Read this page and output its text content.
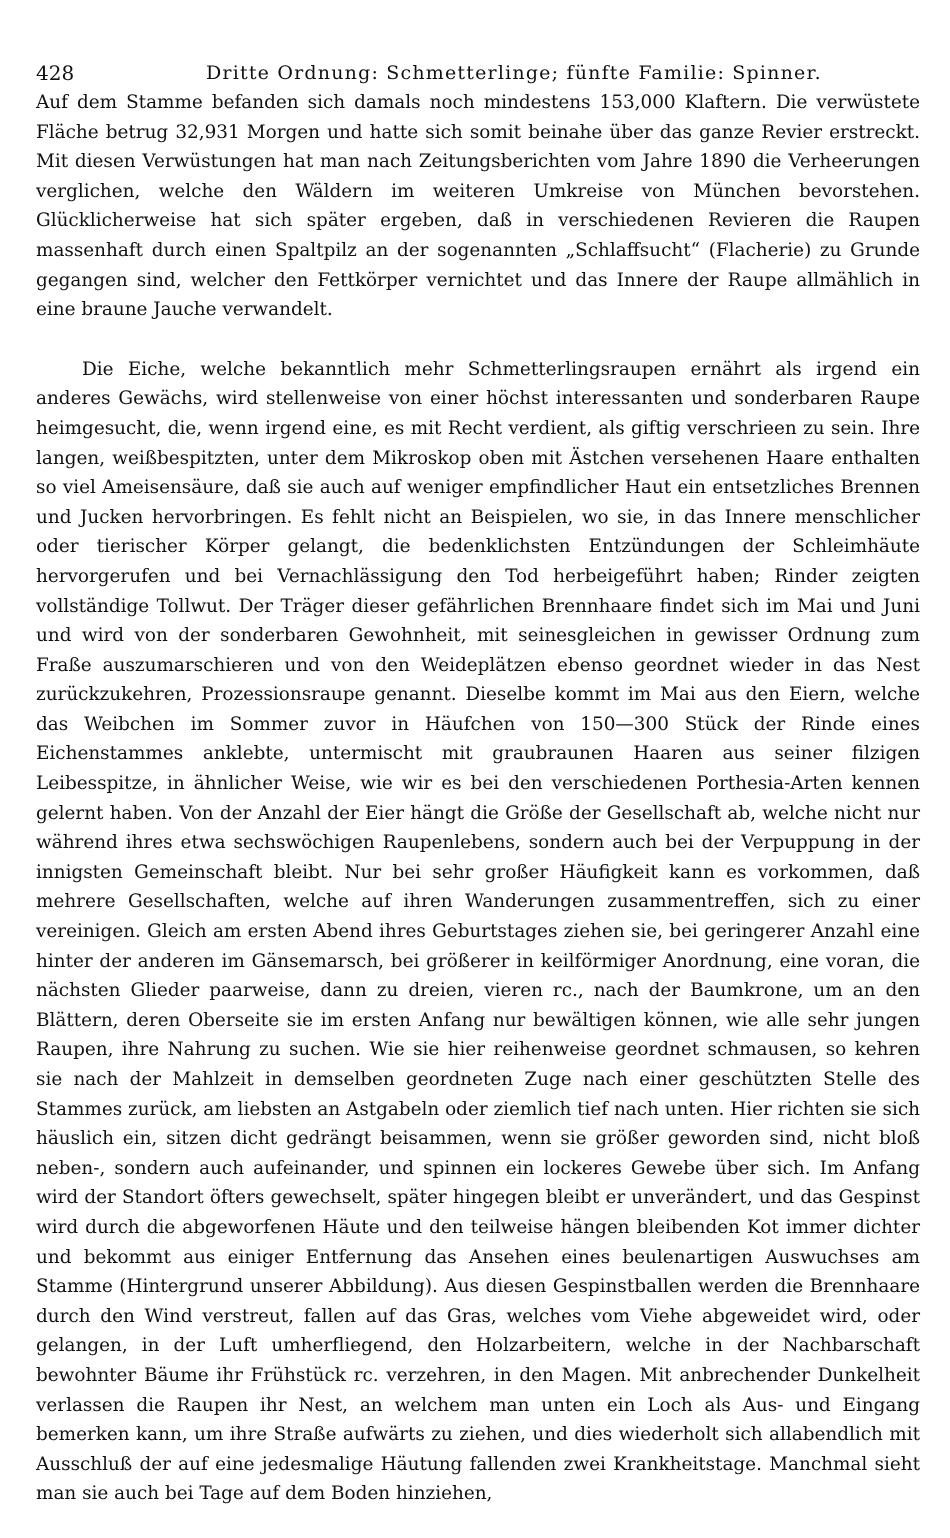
428	Dritte Ordnung: Schmetterlinge; fünfte Familie: Spinner.

Auf dem Stamme befanden sich damals noch mindestens 153,000 Klaftern. Die verwüstete Fläche betrug 32,931 Morgen und hatte sich somit beinahe über das ganze Revier erstreckt. Mit diesen Verwüstungen hat man nach Zeitungsberichten vom Jahre 1890 die Verheerungen verglichen, welche den Wäldern im weiteren Umkreise von München bevorstehen. Glücklicherweise hat sich später ergeben, daß in verschiedenen Revieren die Raupen massenhaft durch einen Spaltpilz an der sogenannten „Schlaffsucht“ (Flacherie) zu Grunde gegangen sind, welcher den Fettkörper vernichtet und das Innere der Raupe allmählich in eine braune Jauche verwandelt.

Die Eiche, welche bekanntlich mehr Schmetterlingsraupen ernährt als irgend ein anderes Gewächs, wird stellenweise von einer höchst interessanten und sonderbaren Raupe heimgesucht, die, wenn irgend eine, es mit Recht verdient, als giftig verschrieen zu sein. Ihre langen, weißbespitzten, unter dem Mikroskop oben mit Ästchen versehenen Haare enthalten so viel Ameisensäure, daß sie auch auf weniger empfindlicher Haut ein entsetzliches Brennen und Jucken hervorbringen. Es fehlt nicht an Beispielen, wo sie, in das Innere menschlicher oder tierischer Körper gelangt, die bedenklichsten Entzündungen der Schleimhäute hervorgerufen und bei Vernachlässigung den Tod herbeigeführt haben; Rinder zeigten vollständige Tollwut. Der Träger dieser gefährlichen Brennhaare findet sich im Mai und Juni und wird von der sonderbaren Gewohnheit, mit seinesgleichen in gewisser Ordnung zum Fraße auszumarschieren und von den Weideplätzen ebenso geordnet wieder in das Nest zurückzukehren, Prozessionsraupe genannt. Dieselbe kommt im Mai aus den Eiern, welche das Weibchen im Sommer zuvor in Häufchen von 150—300 Stück der Rinde eines Eichenstammes anklebte, untermischt mit graubraunen Haaren aus seiner filzigen Leibesspitze, in ähnlicher Weise, wie wir es bei den verschiedenen Porthesia-Arten kennen gelernt haben. Von der Anzahl der Eier hängt die Größe der Gesellschaft ab, welche nicht nur während ihres etwa sechswöchigen Raupenlebens, sondern auch bei der Verpuppung in der innigsten Gemeinschaft bleibt. Nur bei sehr großer Häufigkeit kann es vorkommen, daß mehrere Gesellschaften, welche auf ihren Wanderungen zusammentreffen, sich zu einer vereinigen. Gleich am ersten Abend ihres Geburtstages ziehen sie, bei geringerer Anzahl eine hinter der anderen im Gänsemarsch, bei größerer in keilförmiger Anordnung, eine voran, die nächsten Glieder paarweise, dann zu dreien, vieren rc., nach der Baumkrone, um an den Blättern, deren Oberseite sie im ersten Anfang nur bewältigen können, wie alle sehr jungen Raupen, ihre Nahrung zu suchen. Wie sie hier reihenweise geordnet schmausen, so kehren sie nach der Mahlzeit in demselben geordneten Zuge nach einer geschützten Stelle des Stammes zurück, am liebsten an Astgabeln oder ziemlich tief nach unten. Hier richten sie sich häuslich ein, sitzen dicht gedrängt beisammen, wenn sie größer geworden sind, nicht bloß neben-, sondern auch aufeinander, und spinnen ein lockeres Gewebe über sich. Im Anfang wird der Standort öfters gewechselt, später hingegen bleibt er unverändert, und das Gespinst wird durch die abgeworfenen Häute und den teilweise hängen bleibenden Kot immer dichter und bekommt aus einiger Entfernung das Ansehen eines beulenartigen Auswuchses am Stamme (Hintergrund unserer Abbildung). Aus diesen Gespinstballen werden die Brennhaare durch den Wind verstreut, fallen auf das Gras, welches vom Viehe abgeweidet wird, oder gelangen, in der Luft umherfliegend, den Holzarbeitern, welche in der Nachbarschaft bewohnter Bäume ihr Frühstück rc. verzehren, in den Magen. Mit anbrechender Dunkelheit verlassen die Raupen ihr Nest, an welchem man unten ein Loch als Aus- und Eingang bemerken kann, um ihre Straße aufwärts zu ziehen, und dies wiederholt sich allabendlich mit Ausschluß der auf eine jedesmalige Häutung fallenden zwei Krankheitstage. Manchmal sieht man sie auch bei Tage auf dem Boden hinziehen,
